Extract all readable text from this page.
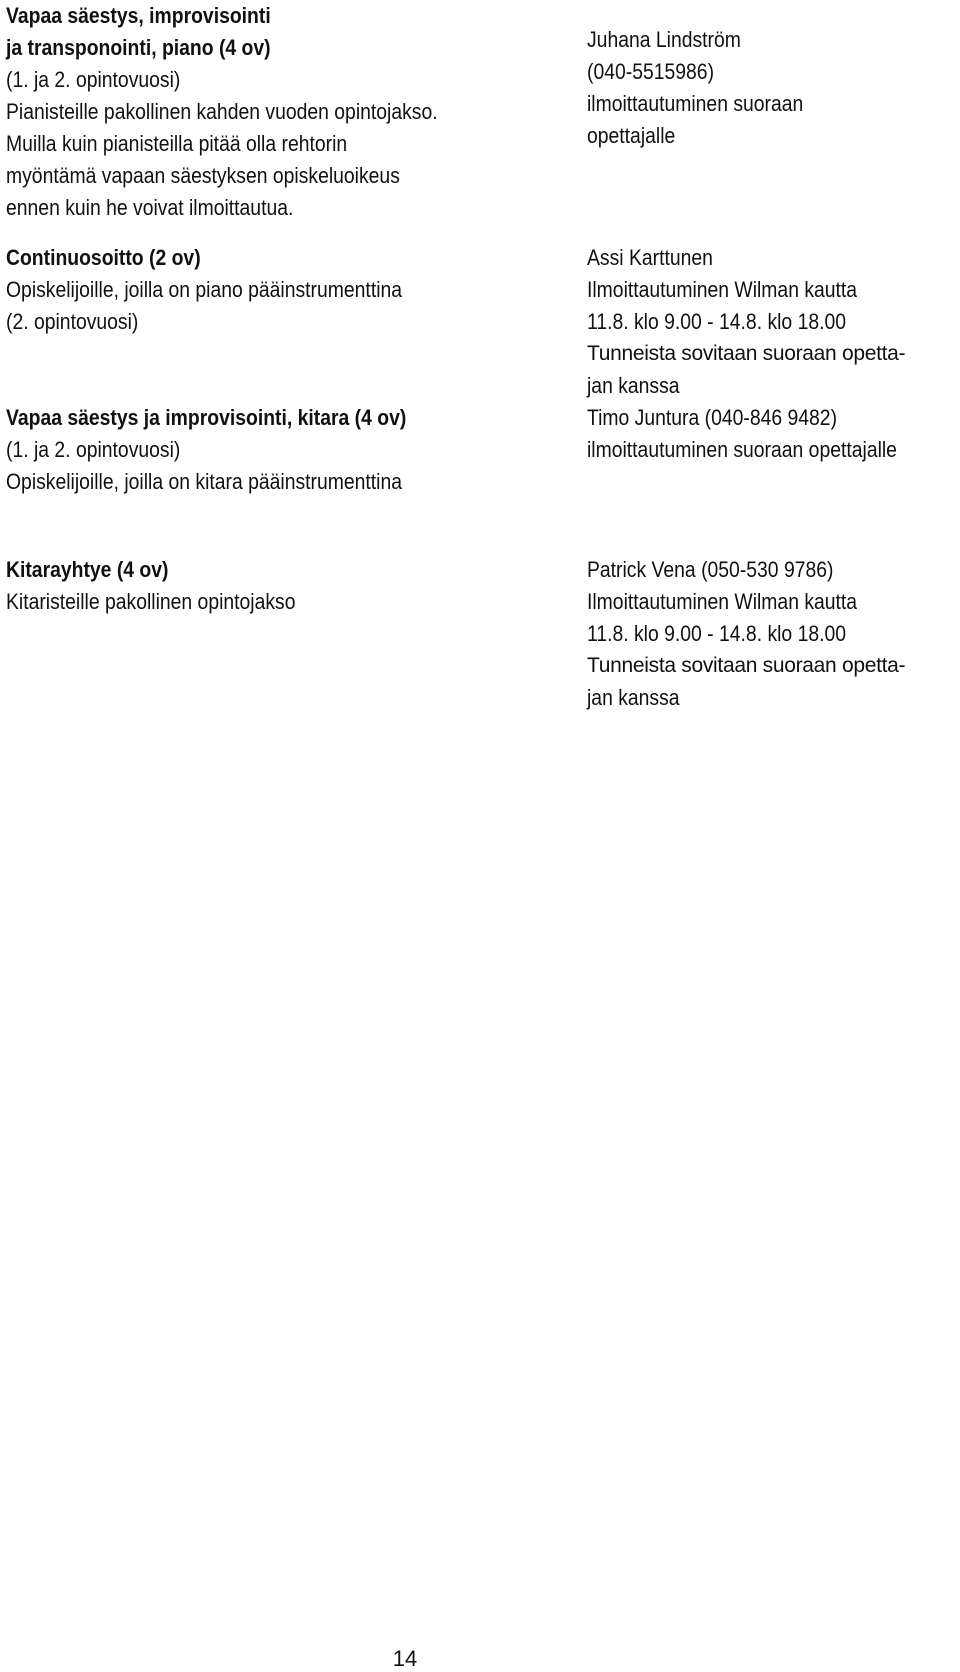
Vapaa säestys, improvisointi
ja transponointi, piano (4 ov)
(1. ja 2. opintovuosi)
Pianisteille pakollinen kahden vuoden opintojakso.
Muilla kuin pianisteilla pitää olla rehtorin
myöntämä vapaan säestyksen opiskeluoikeus
ennen kuin he voivat ilmoittautua.
Juhana Lindström
(040-5515986)
ilmoittautuminen suoraan
opettajalle
Continuosoitto (2 ov)
Opiskelijoille, joilla on piano pääinstrumenttina
(2. opintovuosi)
Assi Karttunen
Ilmoittautuminen Wilman kautta
11.8. klo 9.00 - 14.8. klo 18.00
Tunneista sovitaan suoraan opetta-
jan kanssa
Vapaa säestys ja improvisointi, kitara (4 ov)
(1. ja 2. opintovuosi)
Opiskelijoille, joilla on kitara pääinstrumenttina
Timo Juntura (040-846 9482)
ilmoittautuminen suoraan opettajalle
Kitarayhtye (4 ov)
Kitaristeille pakollinen opintojakso
Patrick Vena (050-530 9786)
Ilmoittautuminen Wilman kautta
11.8. klo 9.00 - 14.8. klo 18.00
Tunneista sovitaan suoraan opetta-
jan kanssa
14
